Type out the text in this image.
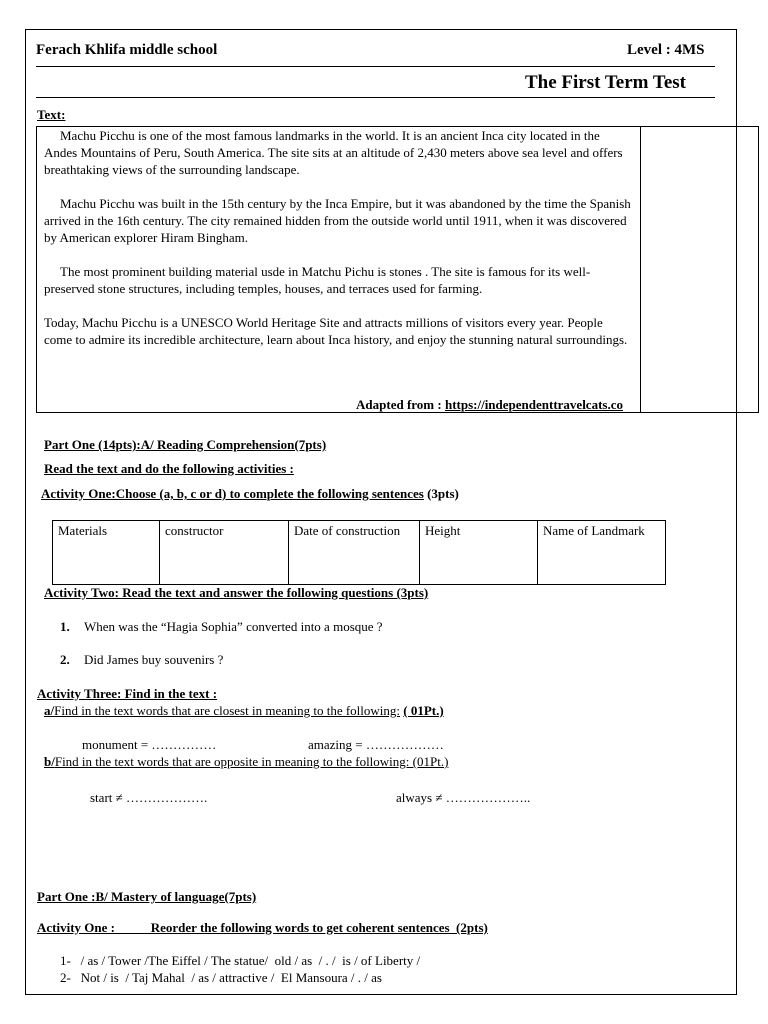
Ferach Khlifa middle school	Level : 4MS
The First Term Test
Text:

Machu Picchu is one of the most famous landmarks in the world. It is an ancient Inca city located in the Andes Mountains of Peru, South America. The site sits at an altitude of 2,430 meters above sea level and offers breathtaking views of the surrounding landscape.

Machu Picchu was built in the 15th century by the Inca Empire, but it was abandoned by the time the Spanish arrived in the 16th century. The city remained hidden from the outside world until 1911, when it was discovered by American explorer Hiram Bingham.

The most prominent building material usde in Matchu Pichu is stones . The site is famous for its well-preserved stone structures, including temples, houses, and terraces used for farming.

Today, Machu Picchu is a UNESCO World Heritage Site and attracts millions of visitors every year. People come to admire its incredible architecture, learn about Inca history, and enjoy the stunning natural surroundings.

Adapted from : https://independenttravelcats.co
Part One (14pts):A/ Reading Comprehension(7pts)
Read the text and do the following activities :
Activity One:Choose (a, b, c or d) to complete the following sentences (3pts)
Materials	constructor	Date of construction	Height	Name of Landmark
Activity Two: Read the text and answer the following questions (3pts)
1. When was the “Hagia Sophia” converted into a mosque ?
2. Did James buy souvenirs ?
Activity Three: Find in the text :
a/Find in the text words that are closest in meaning to the following: ( 01Pt.)
monument = ……………	amazing = ………………
b/Find in the text words that are opposite in meaning to the following: (01Pt.)
start ≠ ……………….	always ≠ ………………..
Part One :B/ Mastery of language(7pts)
Activity One :           Reorder the following words to get coherent sentences  (2pts)
1-   / as / Tower /The Eiffel / The statue/  old / as  / . /  is / of Liberty /
2-   Not / is  / Taj Mahal  / as / attractive /  El Mansoura / . / as
